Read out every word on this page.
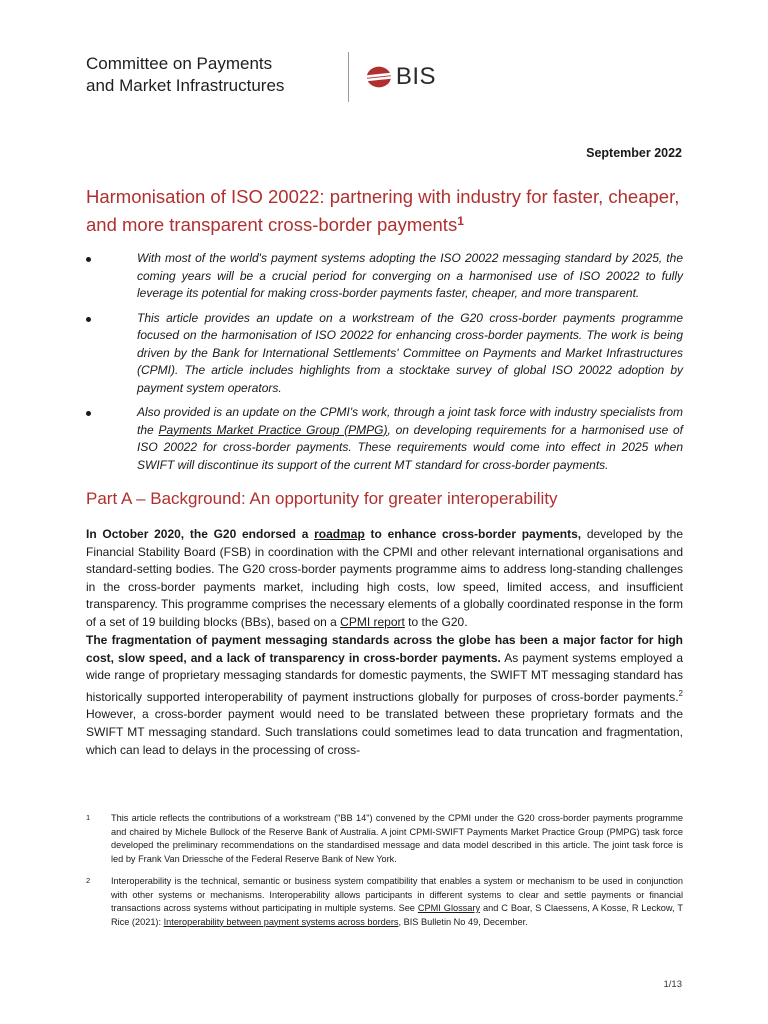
Committee on Payments
and Market Infrastructures	BIS
September 2022
Harmonisation of ISO 20022: partnering with industry for faster, cheaper, and more transparent cross-border payments$^1$
With most of the world's payment systems adopting the ISO 20022 messaging standard by 2025, the coming years will be a crucial period for converging on a harmonised use of ISO 20022 to fully leverage its potential for making cross-border payments faster, cheaper, and more transparent.
This article provides an update on a workstream of the G20 cross-border payments programme focused on the harmonisation of ISO 20022 for enhancing cross-border payments. The work is being driven by the Bank for International Settlements' Committee on Payments and Market Infrastructures (CPMI). The article includes highlights from a stocktake survey of global ISO 20022 adoption by payment system operators.
Also provided is an update on the CPMI's work, through a joint task force with industry specialists from the Payments Market Practice Group (PMPG), on developing requirements for a harmonised use of ISO 20022 for cross-border payments. These requirements would come into effect in 2025 when SWIFT will discontinue its support of the current MT standard for cross-border payments.
Part A – Background: An opportunity for greater interoperability

In October 2020, the G20 endorsed a roadmap to enhance cross-border payments, developed by the Financial Stability Board (FSB) in coordination with the CPMI and other relevant international organisations and standard-setting bodies. The G20 cross-border payments programme aims to address long-standing challenges in the cross-border payments market, including high costs, low speed, limited access, and insufficient transparency. This programme comprises the necessary elements of a globally coordinated response in the form of a set of 19 building blocks (BBs), based on a CPMI report to the G20.

The fragmentation of payment messaging standards across the globe has been a major factor for high cost, slow speed, and a lack of transparency in cross-border payments. As payment systems employed a wide range of proprietary messaging standards for domestic payments, the SWIFT MT messaging standard has historically supported interoperability of payment instructions globally for purposes of cross-border payments.$^2$ However, a cross-border payment would need to be translated between these proprietary formats and the SWIFT MT messaging standard. Such translations could sometimes lead to data truncation and fragmentation, which can lead to delays in the processing of cross-

1 This article reflects the contributions of a workstream ("BB 14") convened by the CPMI under the G20 cross-border payments programme and chaired by Michele Bullock of the Reserve Bank of Australia. A joint CPMI-SWIFT Payments Market Practice Group (PMPG) task force developed the preliminary recommendations on the standardised message and data model described in this article. The joint task force is led by Frank Van Driessche of the Federal Reserve Bank of New York.
2 Interoperability is the technical, semantic or business system compatibility that enables a system or mechanism to be used in conjunction with other systems or mechanisms. Interoperability allows participants in different systems to clear and settle payments or financial transactions across systems without participating in multiple systems. See CPMI Glossary and C Boar, S Claessens, A Kosse, R Leckow, T Rice (2021): Interoperability between payment systems across borders, BIS Bulletin No 49, December.
1/13
